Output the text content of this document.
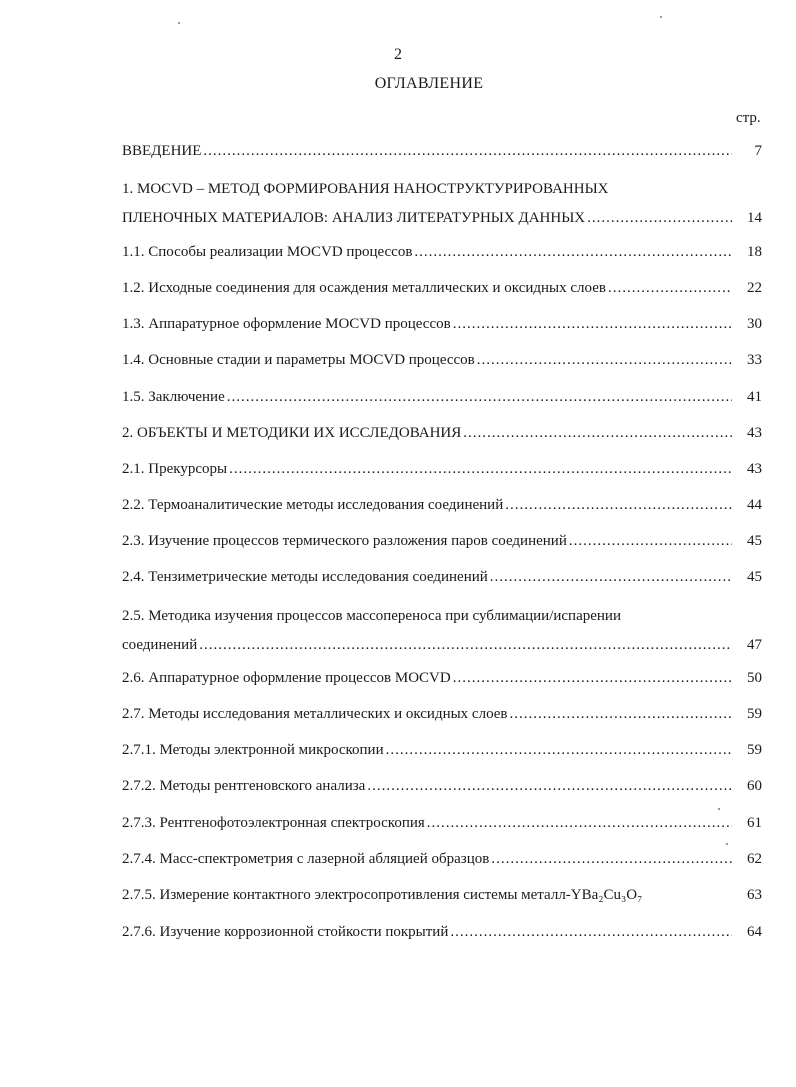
2
ОГЛАВЛЕНИЕ
стр.
ВВЕДЕНИЕ .....	7
1. MOCVD – МЕТОД ФОРМИРОВАНИЯ НАНОСТРУКТУРИРОВАННЫХ
ПЛЕНОЧНЫХ МАТЕРИАЛОВ: АНАЛИЗ ЛИТЕРАТУРНЫХ ДАННЫХ .....	14
1.1. Способы реализации MOCVD процессов .....	18
1.2. Исходные соединения для осаждения металлических и оксидных слоев .....	22
1.3. Аппаратурное оформление MOCVD процессов .....	30
1.4. Основные стадии и параметры MOCVD процессов .....	33
1.5. Заключение .....	41
2. ОБЪЕКТЫ И МЕТОДИКИ ИХ ИССЛЕДОВАНИЯ .....	43
2.1. Прекурсоры .....	43
2.2. Термоаналитические методы исследования соединений .....	44
2.3. Изучение процессов термического разложения паров соединений .....	45
2.4. Тензиметрические методы исследования соединений .....	45
2.5. Методика изучения процессов массопереноса при сублимации/испарении
соединений .....	47
2.6. Аппаратурное оформление процессов MOCVD .....	50
2.7. Методы исследования металлических и оксидных слоев .....	59
2.7.1. Методы электронной микроскопии .....	59
2.7.2. Методы рентгеновского анализа .....	60
2.7.3. Рентгенофотоэлектронная спектроскопия .....	61
2.7.4. Масс-спектрометрия с лазерной абляцией образцов .....	62
2.7.5. Измерение контактного электросопротивления системы металл-YBa₂Cu₃O₇	63
2.7.6. Изучение коррозионной стойкости покрытий .....	64
